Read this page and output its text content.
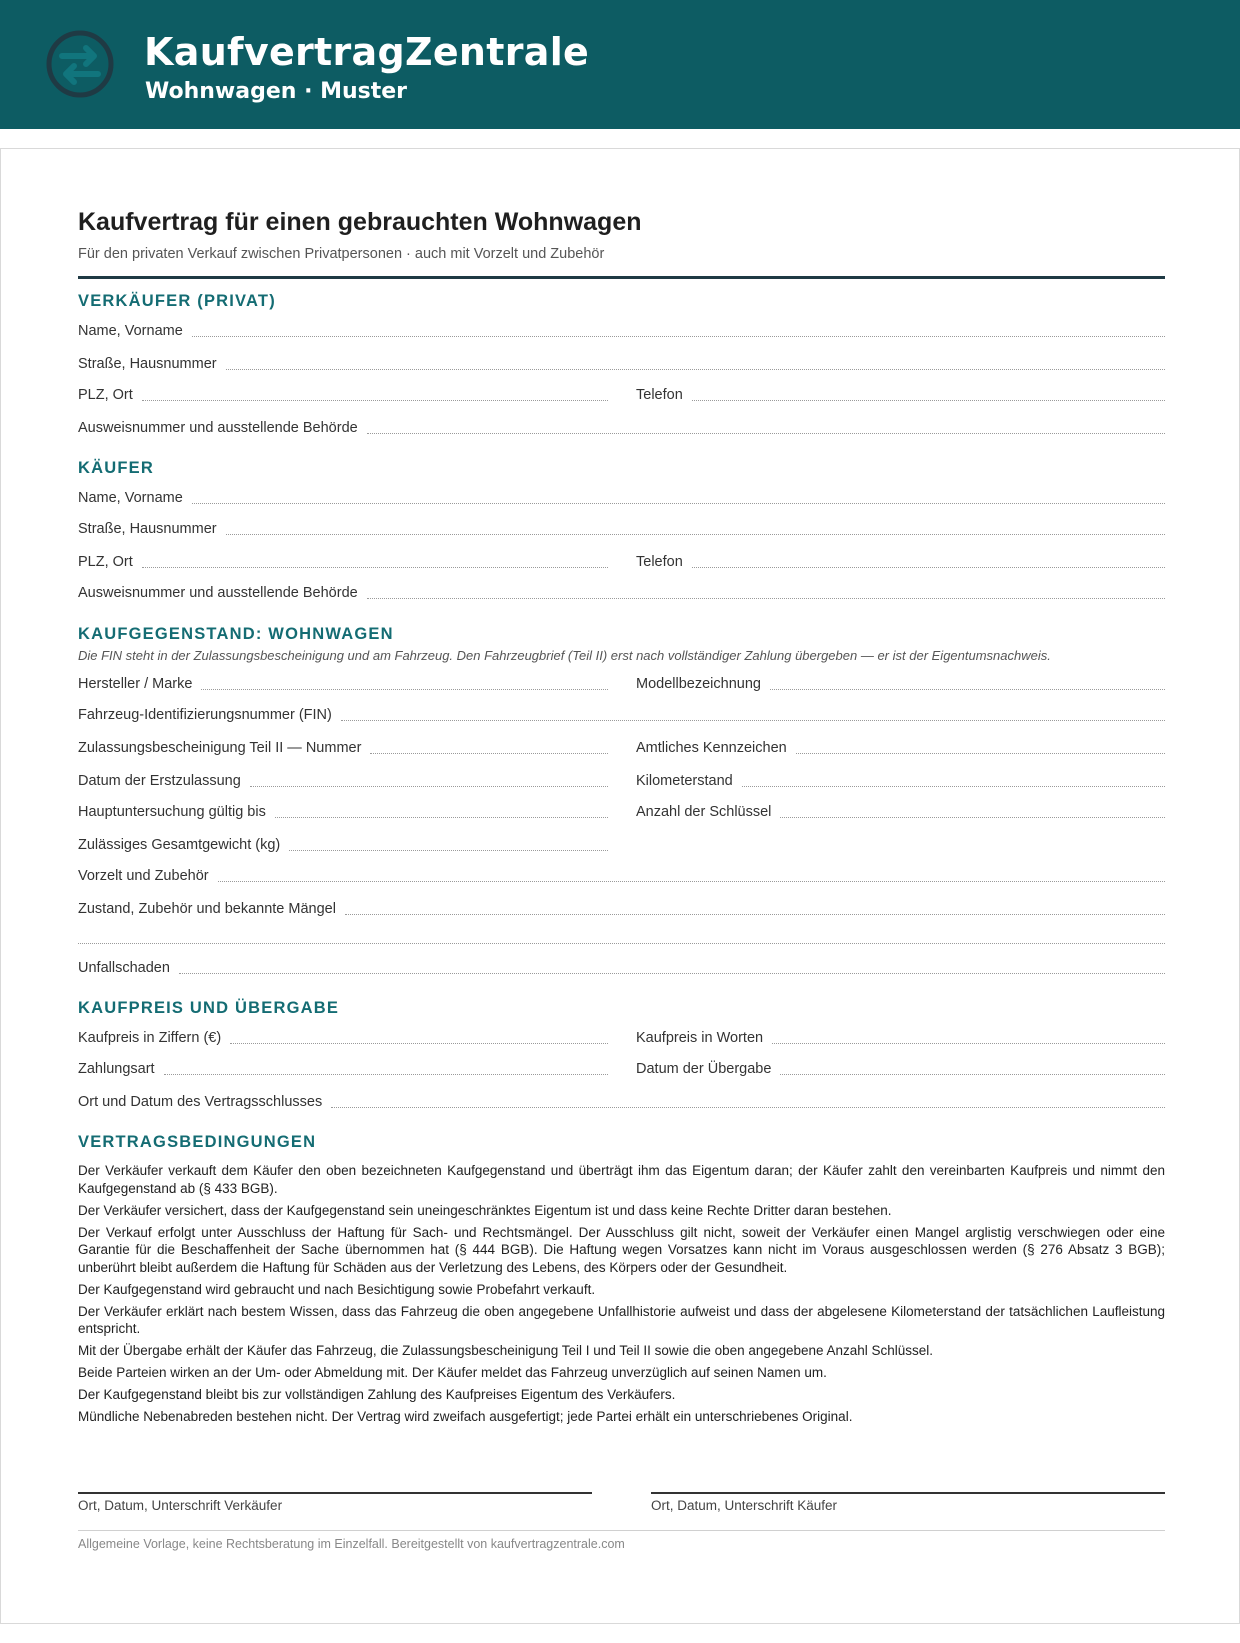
KaufvertragZentrale
Wohnwagen · Muster
Kaufvertrag für einen gebrauchten Wohnwagen
Für den privaten Verkauf zwischen Privatpersonen · auch mit Vorzelt und Zubehör
VERKÄUFER (PRIVAT)
Name, Vorname
Straße, Hausnummer
PLZ, Ort	Telefon
Ausweisnummer und ausstellende Behörde
KÄUFER
Name, Vorname
Straße, Hausnummer
PLZ, Ort	Telefon
Ausweisnummer und ausstellende Behörde
KAUFGEGENSTAND: WOHNWAGEN
Die FIN steht in der Zulassungsbescheinigung und am Fahrzeug. Den Fahrzeugbrief (Teil II) erst nach vollständiger Zahlung übergeben — er ist der Eigentumsnachweis.
Hersteller / Marke	Modellbezeichnung
Fahrzeug-Identifizierungsnummer (FIN)
Zulassungsbescheinigung Teil II — Nummer	Amtliches Kennzeichen
Datum der Erstzulassung	Kilometerstand
Hauptuntersuchung gültig bis	Anzahl der Schlüssel
Zulässiges Gesamtgewicht (kg)
Vorzelt und Zubehör
Zustand, Zubehör und bekannte Mängel
Unfallschaden
KAUFPREIS UND ÜBERGABE
Kaufpreis in Ziffern (€)	Kaufpreis in Worten
Zahlungsart	Datum der Übergabe
Ort und Datum des Vertragsschlusses
VERTRAGSBEDINGUNGEN

Der Verkäufer verkauft dem Käufer den oben bezeichneten Kaufgegenstand und überträgt ihm das Eigentum daran; der Käufer zahlt den vereinbarten Kaufpreis und nimmt den Kaufgegenstand ab (§ 433 BGB).

Der Verkäufer versichert, dass der Kaufgegenstand sein uneingeschränktes Eigentum ist und dass keine Rechte Dritter daran bestehen.

Der Verkauf erfolgt unter Ausschluss der Haftung für Sach- und Rechtsmängel. Der Ausschluss gilt nicht, soweit der Verkäufer einen Mangel arglistig verschwiegen oder eine Garantie für die Beschaffenheit der Sache übernommen hat (§ 444 BGB). Die Haftung wegen Vorsatzes kann nicht im Voraus ausgeschlossen werden (§ 276 Absatz 3 BGB); unberührt bleibt außerdem die Haftung für Schäden aus der Verletzung des Lebens, des Körpers oder der Gesundheit.

Der Kaufgegenstand wird gebraucht und nach Besichtigung sowie Probefahrt verkauft.

Der Verkäufer erklärt nach bestem Wissen, dass das Fahrzeug die oben angegebene Unfallhistorie aufweist und dass der abgelesene Kilometerstand der tatsächlichen Laufleistung entspricht.

Mit der Übergabe erhält der Käufer das Fahrzeug, die Zulassungsbescheinigung Teil I und Teil II sowie die oben angegebene Anzahl Schlüssel.

Beide Parteien wirken an der Um- oder Abmeldung mit. Der Käufer meldet das Fahrzeug unverzüglich auf seinen Namen um.

Der Kaufgegenstand bleibt bis zur vollständigen Zahlung des Kaufpreises Eigentum des Verkäufers.

Mündliche Nebenabreden bestehen nicht. Der Vertrag wird zweifach ausgefertigt; jede Partei erhält ein unterschriebenes Original.

Ort, Datum, Unterschrift Verkäufer	Ort, Datum, Unterschrift Käufer
Allgemeine Vorlage, keine Rechtsberatung im Einzelfall. Bereitgestellt von kaufvertragzentrale.com
